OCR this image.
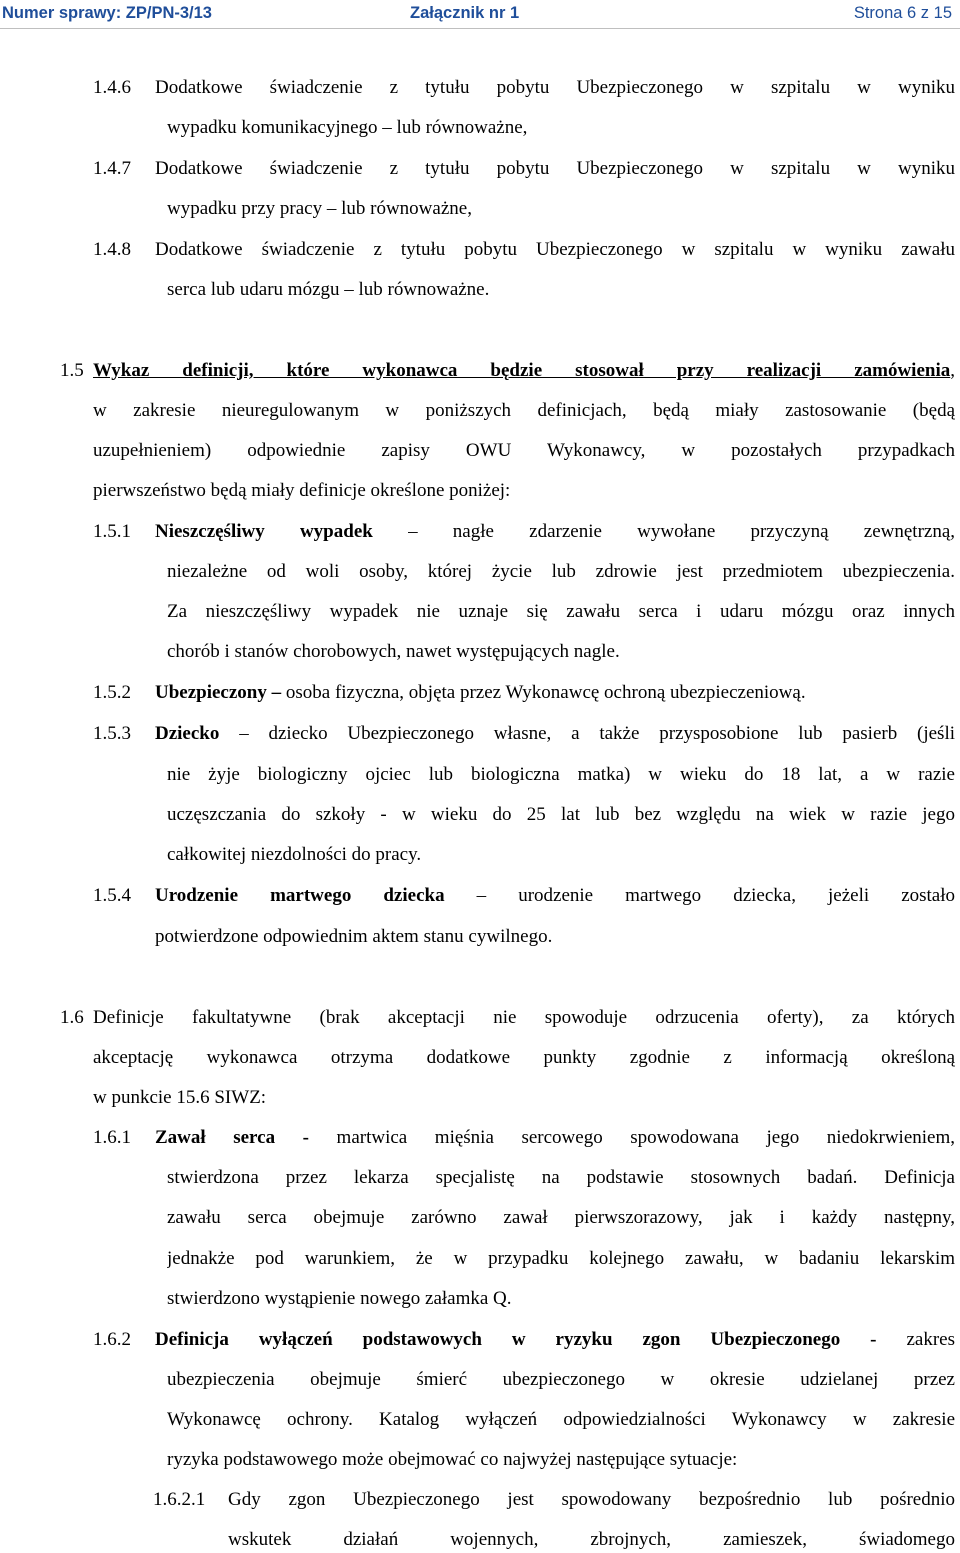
Numer sprawy: ZP/PN-3/13	Załącznik nr 1	Strona 6 z 15
1.4.6 Dodatkowe świadczenie z tytułu pobytu Ubezpieczonego w szpitalu w wyniku
wypadku komunikacyjnego – lub równoważne,
1.4.7 Dodatkowe świadczenie z tytułu pobytu Ubezpieczonego w szpitalu w wyniku
wypadku przy pracy – lub równoważne,
1.4.8 Dodatkowe świadczenie z tytułu pobytu Ubezpieczonego w szpitalu w wyniku zawału
serca lub udaru mózgu – lub równoważne.
1.5 Wykaz definicji, które wykonawca będzie stosował przy realizacji zamówienia,
w zakresie nieuregulowanym w poniższych definicjach, będą miały zastosowanie (będą
uzupełnieniem) odpowiednie zapisy OWU Wykonawcy, w pozostałych przypadkach
pierwszeństwo będą miały definicje określone poniżej:
1.5.1 Nieszczęśliwy wypadek – nagłe zdarzenie wywołane przyczyną zewnętrzną,
niezależne od woli osoby, której życie lub zdrowie jest przedmiotem ubezpieczenia.
Za nieszczęśliwy wypadek nie uznaje się zawału serca i udaru mózgu oraz innych
chorób i stanów chorobowych, nawet występujących nagle.
1.5.2 Ubezpieczony – osoba fizyczna, objęta przez Wykonawcę ochroną ubezpieczeniową.
1.5.3 Dziecko – dziecko Ubezpieczonego własne, a także przysposobione lub pasierb (jeśli
nie żyje biologiczny ojciec lub biologiczna matka) w wieku do 18 lat, a w razie
uczęszczania do szkoły - w wieku do 25 lat lub bez względu na wiek w razie jego
całkowitej niezdolności do pracy.
1.5.4 Urodzenie martwego dziecka – urodzenie martwego dziecka, jeżeli zostało
potwierdzone odpowiednim aktem stanu cywilnego.
1.6 Definicje fakultatywne (brak akceptacji nie spowoduje odrzucenia oferty), za których
akceptację wykonawca otrzyma dodatkowe punkty zgodnie z informacją określoną
w punkcie 15.6 SIWZ:
1.6.1 Zawał serca - martwica mięśnia sercowego spowodowana jego niedokrwieniem,
stwierdzona przez lekarza specjalistę na podstawie stosownych badań. Definicja
zawału serca obejmuje zarówno zawał pierwszorazowy, jak i każdy następny,
jednakże pod warunkiem, że w przypadku kolejnego zawału, w badaniu lekarskim
stwierdzono wystąpienie nowego załamka Q.
1.6.2 Definicja wyłączeń podstawowych w ryzyku zgon Ubezpieczonego - zakres
ubezpieczenia obejmuje śmierć ubezpieczonego w okresie udzielanej przez
Wykonawcę ochrony. Katalog wyłączeń odpowiedzialności Wykonawcy w zakresie
ryzyka podstawowego może obejmować co najwyżej następujące sytuacje:
1.6.2.1 Gdy zgon Ubezpieczonego jest spowodowany bezpośrednio lub pośrednio
wskutek działań wojennych, zbrojnych, zamieszek, świadomego
